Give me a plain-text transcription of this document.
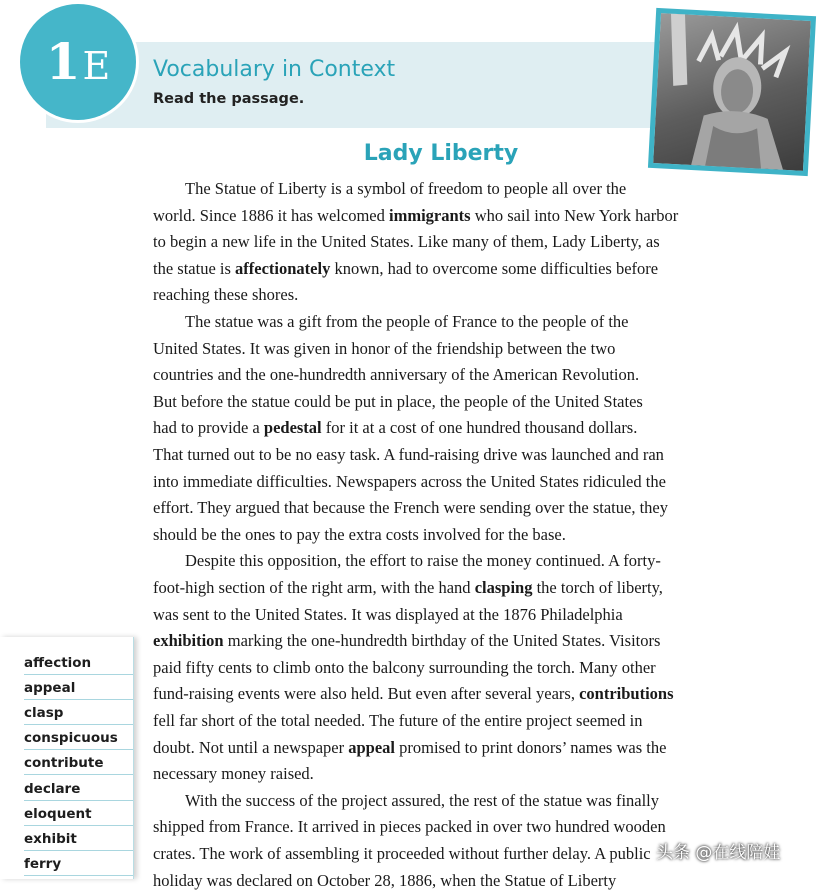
1 E Vocabulary in Context
Read the passage.
Lady Liberty
The Statue of Liberty is a symbol of freedom to people all over the
world. Since 1886 it has welcomed immigrants who sail into New York harbor
to begin a new life in the United States. Like many of them, Lady Liberty, as
the statue is affectionately known, had to overcome some difficulties before
reaching these shores.
The statue was a gift from the people of France to the people of the
United States. It was given in honor of the friendship between the two
countries and the one-hundredth anniversary of the American Revolution.
But before the statue could be put in place, the people of the United States
had to provide a pedestal for it at a cost of one hundred thousand dollars.
That turned out to be no easy task. A fund-raising drive was launched and ran
into immediate difficulties. Newspapers across the United States ridiculed the
effort. They argued that because the French were sending over the statue, they
should be the ones to pay the extra costs involved for the base.
Despite this opposition, the effort to raise the money continued. A forty-
foot-high section of the right arm, with the hand clasping the torch of liberty,
was sent to the United States. It was displayed at the 1876 Philadelphia
exhibition marking the one-hundredth birthday of the United States. Visitors
paid fifty cents to climb onto the balcony surrounding the torch. Many other
fund-raising events were also held. But even after several years, contributions
fell far short of the total needed. The future of the entire project seemed in
doubt. Not until a newspaper appeal promised to print donors’ names was the
necessary money raised.
With the success of the project assured, the rest of the statue was finally
shipped from France. It arrived in pieces packed in over two hundred wooden
crates. The work of assembling it proceeded without further delay. A public
holiday was declared on October 28, 1886, when the Statue of Liberty
affection
appeal
clasp
conspicuous
contribute
declare
eloquent
exhibit
ferry
头条 @在线陪娃
